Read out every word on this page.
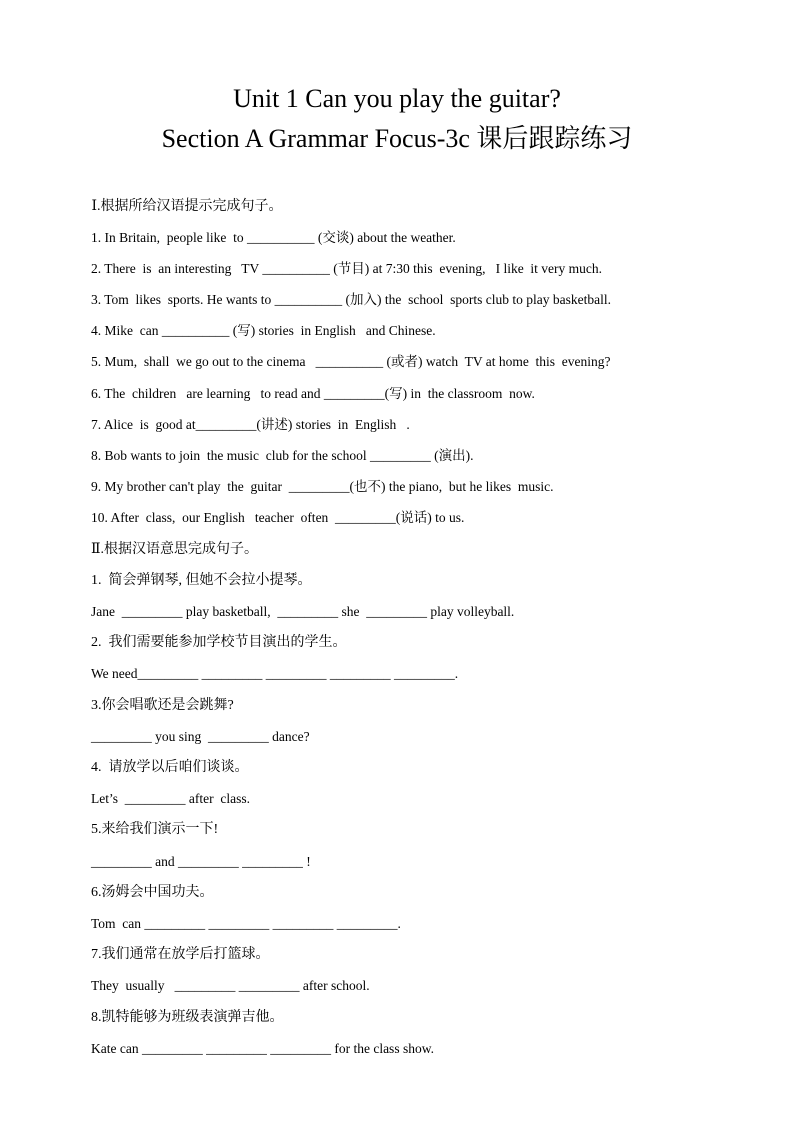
Unit 1 Can you play the guitar?
Section A Grammar Focus-3c 课后跟踪练习
Ⅰ.根据所给汉语提示完成句子。
1. In Britain,  people like  to __________ (交谈) about the weather.
2. There  is  an interesting   TV __________ (节目) at 7:30 this  evening,   I like  it very much.
3. Tom  likes  sports. He wants to __________ (加入) the  school  sports club to play basketball.
4. Mike  can __________ (写) stories  in English   and Chinese.
5. Mum,  shall  we go out to the cinema   __________ (或者) watch  TV at home  this  evening?
6. The  children   are learning   to read and _________(写) in  the classroom  now.
7. Alice  is  good at_________(讲述) stories  in  English   .
8. Bob wants to join  the music  club for the school _________ (演出).
9. My brother can't play  the  guitar  _________(也不) the piano,  but he likes  music.
10. After  class,  our English   teacher  often  _________(说话) to us.
Ⅱ.根据汉语意思完成句子。
1.  简会弹钢琴, 但她不会拉小提琴。
Jane  _________ play basketball,  _________ she  _________ play volleyball.
2.  我们需要能参加学校节目演出的学生。
We need_________ _________ _________ _________ _________.
3.你会唱歌还是会跳舞?
_________ you sing  _________ dance?
4.  请放学以后咱们谈谈。
Let’s  _________ after  class.
5.来给我们演示一下!
_________ and _________ _________ !
6.汤姆会中国功夫。
Tom  can _________ _________ _________ _________.
7.我们通常在放学后打篮球。
They  usually   _________ _________ after school.
8.凯特能够为班级表演弹吉他。
Kate can _________ _________ _________ for the class show.
